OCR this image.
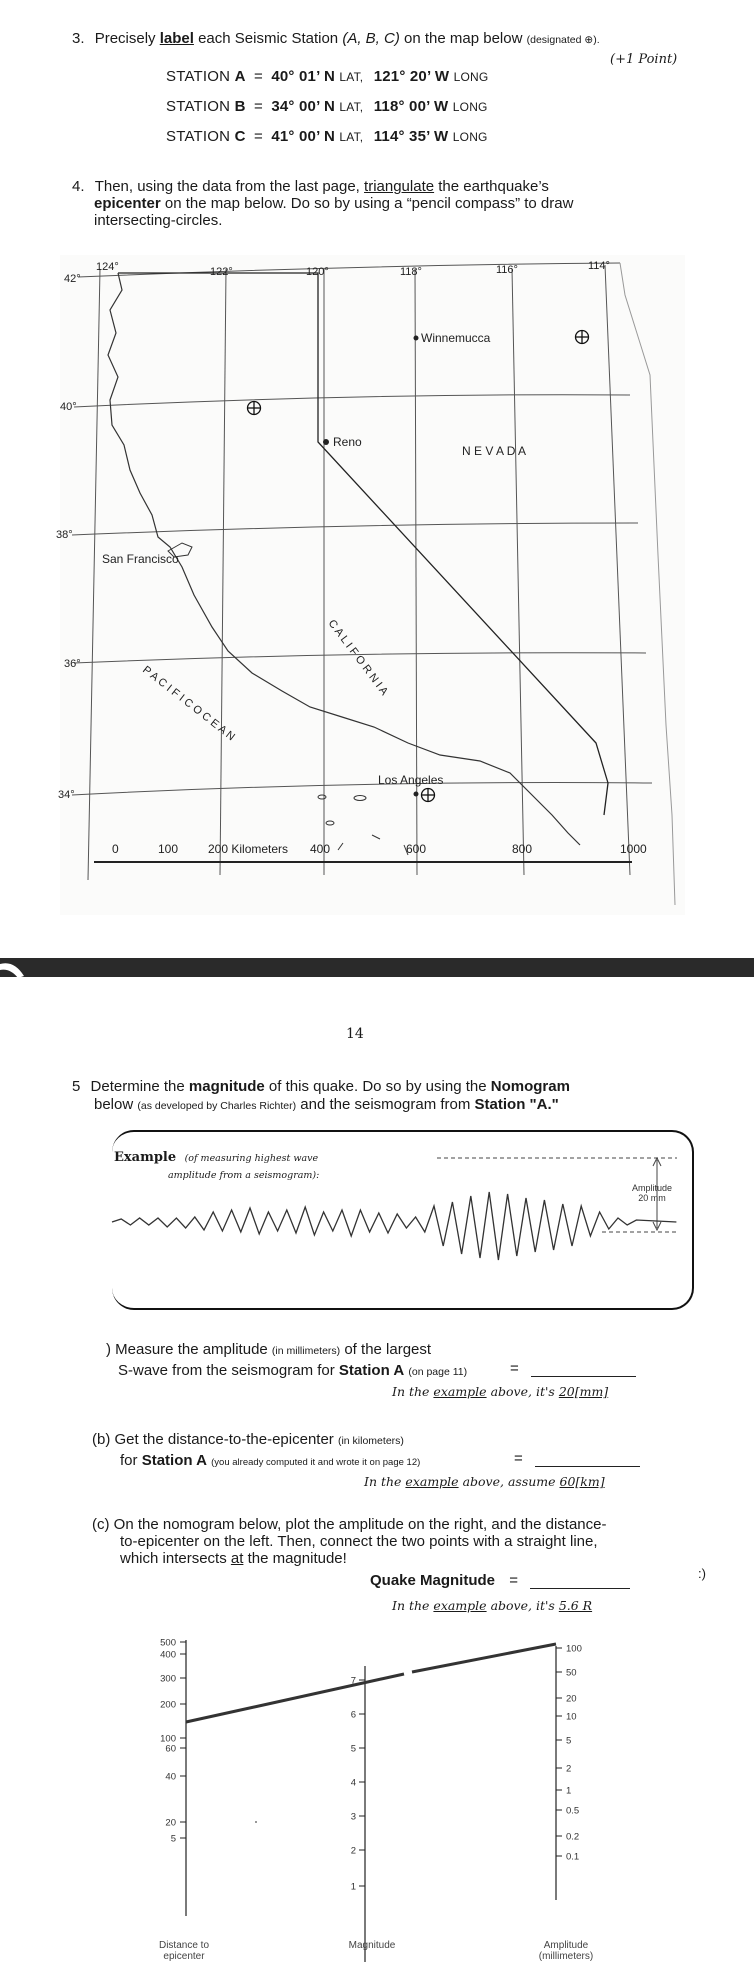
3. Precisely label each Seismic Station (A, B, C) on the map below (designated ⊕).
(+1 Point)
STATION A = 40° 01’ N LAT, 121° 20’ W LONG
STATION B = 34° 00’ N LAT, 118° 00’ W LONG
STATION C = 41° 00’ N LAT, 114° 35’ W LONG
4. Then, using the data from the last page, triangulate the earthquake’s
epicenter on the map below. Do so by using a “pencil compass” to draw
intersecting-circles.
124°	122°	120°	118°	116°	114°
42°
40°
38°
36°
34°
Winnemucca
Reno
San Francisco
Los Angeles
N E V A D A
C A L I F O R N I A
P A C I F I C O C E A N
0	100 200 Kilometers 400	600	800	1000
14
5 Determine the magnitude of this quake. Do so by using the Nomogram
below (as developed by Charles Richter) and the seismogram from Station "A."
Example (of measuring highest wave
amplitude from a seismogram):
Amplitude
20 mm
) Measure the amplitude (in millimeters) of the largest
S-wave from the seismogram for Station A (on page 11)	=
In the example above, it's 20[mm]
(b) Get the distance-to-the-epicenter (in kilometers)
for Station A (you already computed it and wrote it on page 12)	=
In the example above, assume 60[km]
(c) On the nomogram below, plot the amplitude on the right, and the distance-
to-epicenter on the left. Then, connect the two points with a straight line,
which intersects at the magnitude!
Quake Magnitude =	:)
In the example above, it's 5.6 R
500
400
300
200
100
60
40
20
5
7
6
5
4
3
2
1
100
50
20
10
5
2
1
0.5
0.2
0.1
Distance to
epicenter
Magnitude	Amplitude
(millimeters)
